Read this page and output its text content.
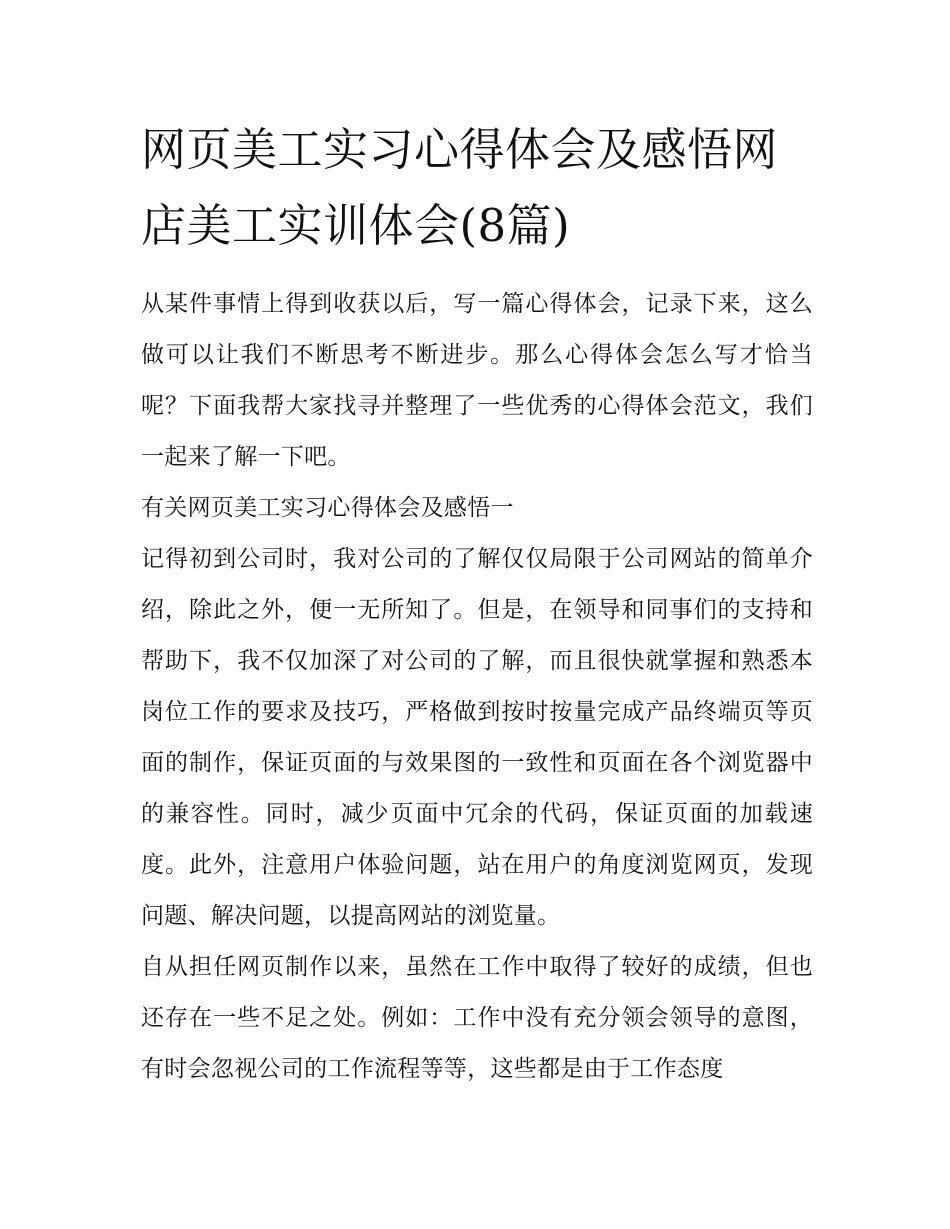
网页美工实习心得体会及感悟网店美工实训体会(8篇)

从某件事情上得到收获以后，写一篇心得体会，记录下来，这么做可以让我们不断思考不断进步。那么心得体会怎么写才恰当呢？下面我帮大家找寻并整理了一些优秀的心得体会范文，我们一起来了解一下吧。

有关网页美工实习心得体会及感悟一

记得初到公司时，我对公司的了解仅仅局限于公司网站的简单介绍，除此之外，便一无所知了。但是，在领导和同事们的支持和帮助下，我不仅加深了对公司的了解，而且很快就掌握和熟悉本岗位工作的要求及技巧，严格做到按时按量完成产品终端页等页面的制作，保证页面的与效果图的一致性和页面在各个浏览器中的兼容性。同时，减少页面中冗余的代码，保证页面的加载速度。此外，注意用户体验问题，站在用户的角度浏览网页，发现问题、解决问题，以提高网站的浏览量。

自从担任网页制作以来，虽然在工作中取得了较好的成绩，但也还存在一些不足之处。例如：工作中没有充分领会领导的意图，有时会忽视公司的工作流程等等，这些都是由于工作态度
